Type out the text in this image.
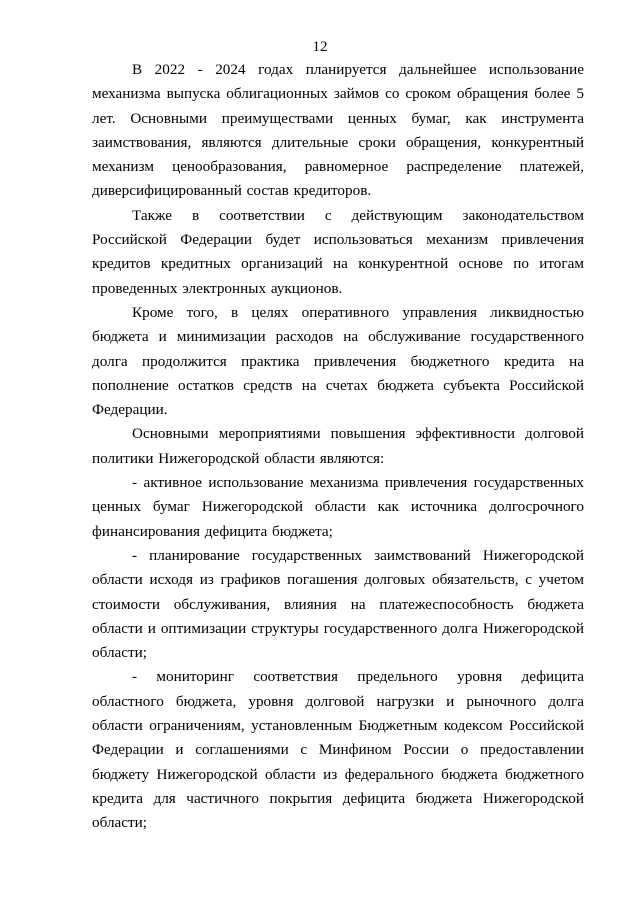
12

В 2022 - 2024 годах планируется дальнейшее использование механизма выпуска облигационных займов со сроком обращения более 5 лет. Основными преимуществами ценных бумаг, как инструмента заимствования, являются длительные сроки обращения, конкурентный механизм ценообразования, равномерное распределение платежей, диверсифицированный состав кредиторов.

Также в соответствии с действующим законодательством Российской Федерации будет использоваться механизм привлечения кредитов кредитных организаций на конкурентной основе по итогам проведенных электронных аукционов.

Кроме того, в целях оперативного управления ликвидностью бюджета и минимизации расходов на обслуживание государственного долга продолжится практика привлечения бюджетного кредита на пополнение остатков средств на счетах бюджета субъекта Российской Федерации.

Основными мероприятиями повышения эффективности долговой политики Нижегородской области являются:

- активное использование механизма привлечения государственных ценных бумаг Нижегородской области как источника долгосрочного финансирования дефицита бюджета;

- планирование государственных заимствований Нижегородской области исходя из графиков погашения долговых обязательств, с учетом стоимости обслуживания, влияния на платежеспособность бюджета области и оптимизации структуры государственного долга Нижегородской области;

- мониторинг соответствия предельного уровня дефицита областного бюджета, уровня долговой нагрузки и рыночного долга области ограничениям, установленным Бюджетным кодексом Российской Федерации и соглашениями с Минфином России о предоставлении бюджету Нижегородской области из федерального бюджета бюджетного кредита для частичного покрытия дефицита бюджета Нижегородской области;
